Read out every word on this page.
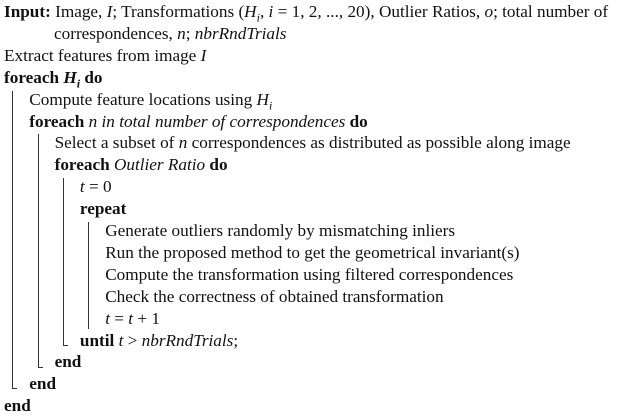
Input: Image, I; Transformations ($H_i$, i = 1, 2, ..., 20), Outlier Ratios, o; total number of
correspondences, n; nbrRndTrials
Extract features from image I
foreach $H_i$ do
Compute feature locations using $H_i$
foreach n in total number of correspondences do
Select a subset of n correspondences as distributed as possible along image
foreach Outlier Ratio do
t = 0
repeat
Generate outliers randomly by mismatching inliers
Run the proposed method to get the geometrical invariant(s)
Compute the transformation using filtered correspondences
Check the correctness of obtained transformation
t = t + 1
until t > nbrRndTrials;
end
end
end
